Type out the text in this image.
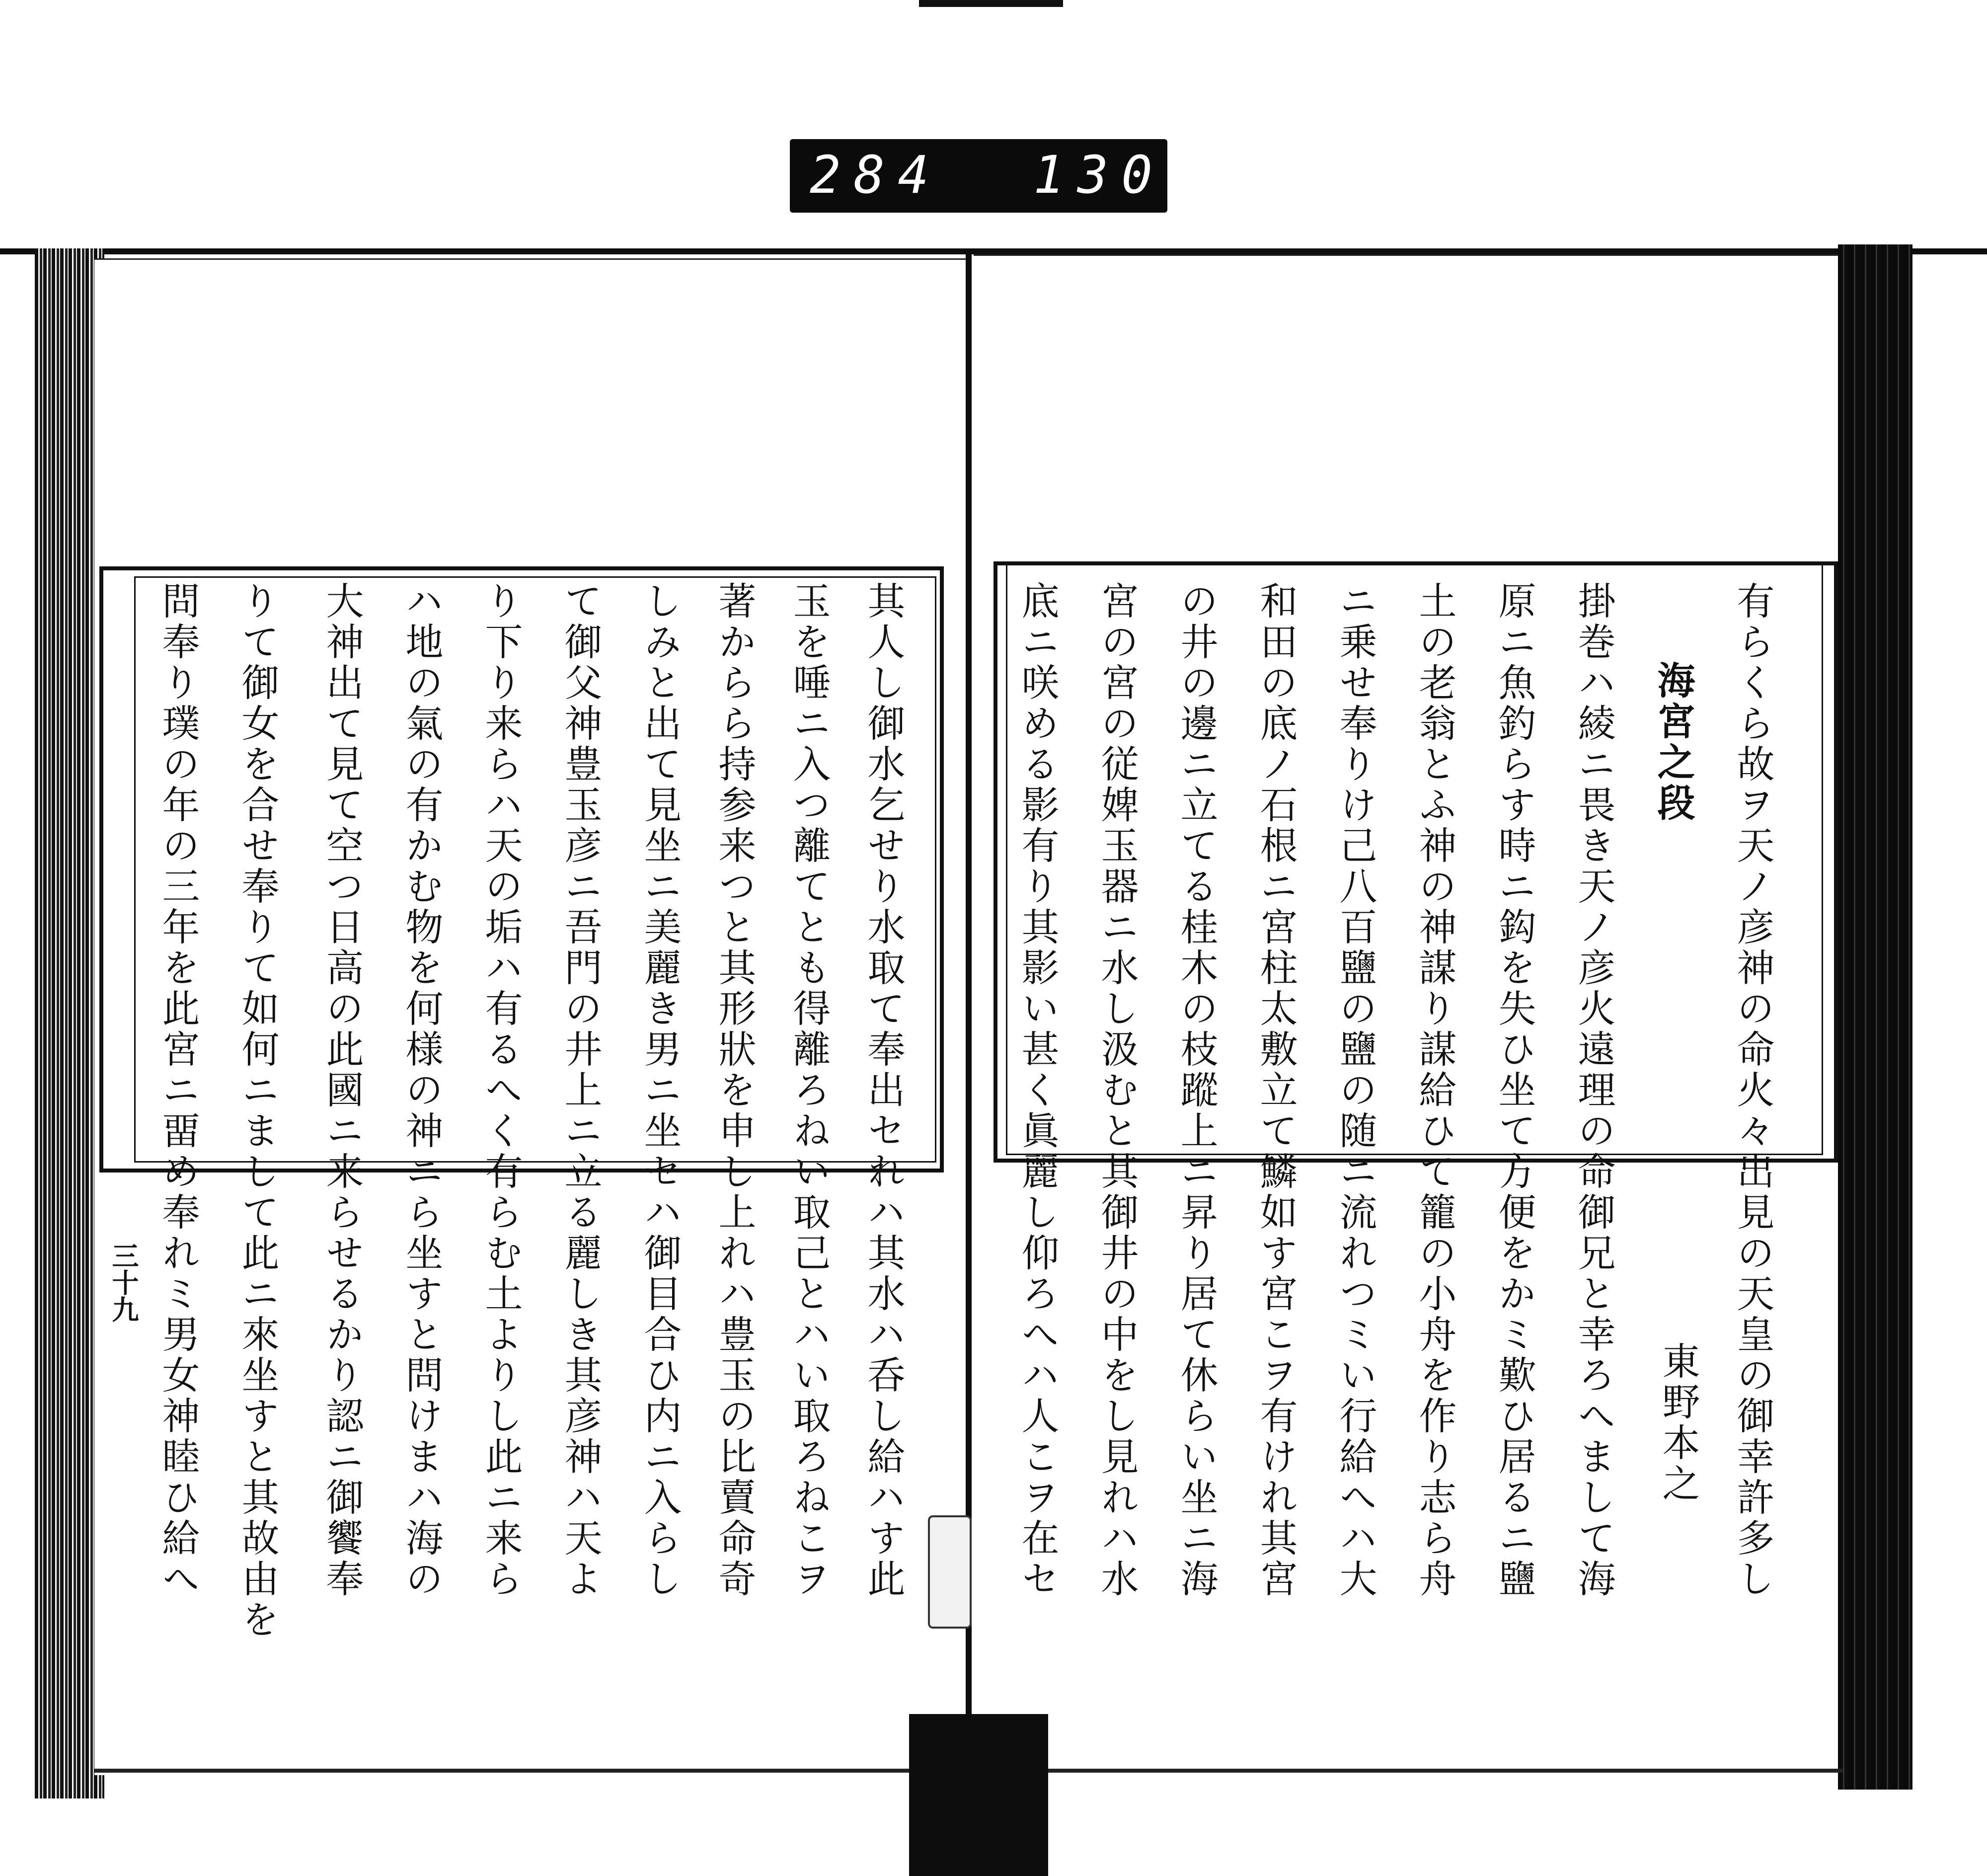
284 130.
有らくら故ヲ天ノ彦神の命火々出見の天皇の御幸許多し
海宮之段
東野本之
掛巻ハ綾ニ畏き天ノ彦火遠理の命御兄と幸ろへまして海
原ニ魚釣らす時ニ鈎を失ひ坐て方便をかミ歎ひ居るニ鹽
土の老翁とふ神の神謀り謀給ひて籠の小舟を作り志ら舟
ニ乗せ奉りけ己八百鹽の鹽の随ニ流れつミい行給へハ大
和田の底ノ石根ニ宮柱太敷立て鱗如す宮こヲ有けれ其宮
の井の邊ニ立てる桂木の枝蹤上ニ昇り居て休らい坐ニ海
宮の宮の従婢玉器ニ水し汲むと其御井の中をし見れハ水
底ニ咲める影有り其影い甚く眞麗し仰ろへハ人こヲ在セ
其人し御水乞せり水取て奉出セれハ其水ハ呑し給ハす此
玉を唾ニ入つ離てとも得離ろねい取己とハい取ろねこヲ
著からら持参来つと其形狀を申し上れハ豊玉の比賣命奇
しみと出て見坐ニ美麗き男ニ坐セハ御目合ひ内ニ入らし
て御父神豊玉彦ニ吾門の井上ニ立る麗しき其彦神ハ天よ
り下り来らハ天の垢ハ有るへく有らむ土よりし此ニ来ら
ハ地の氣の有かむ物を何様の神ニら坐すと問けまハ海の
大神出て見て空つ日高の此國ニ来らせるかり認ニ御饗奉
りて御女を合せ奉りて如何ニまして此ニ來坐すと其故由を
問奉り璞の年の三年を此宮ニ畱め奉れミ男女神睦ひ給へ
三十九
